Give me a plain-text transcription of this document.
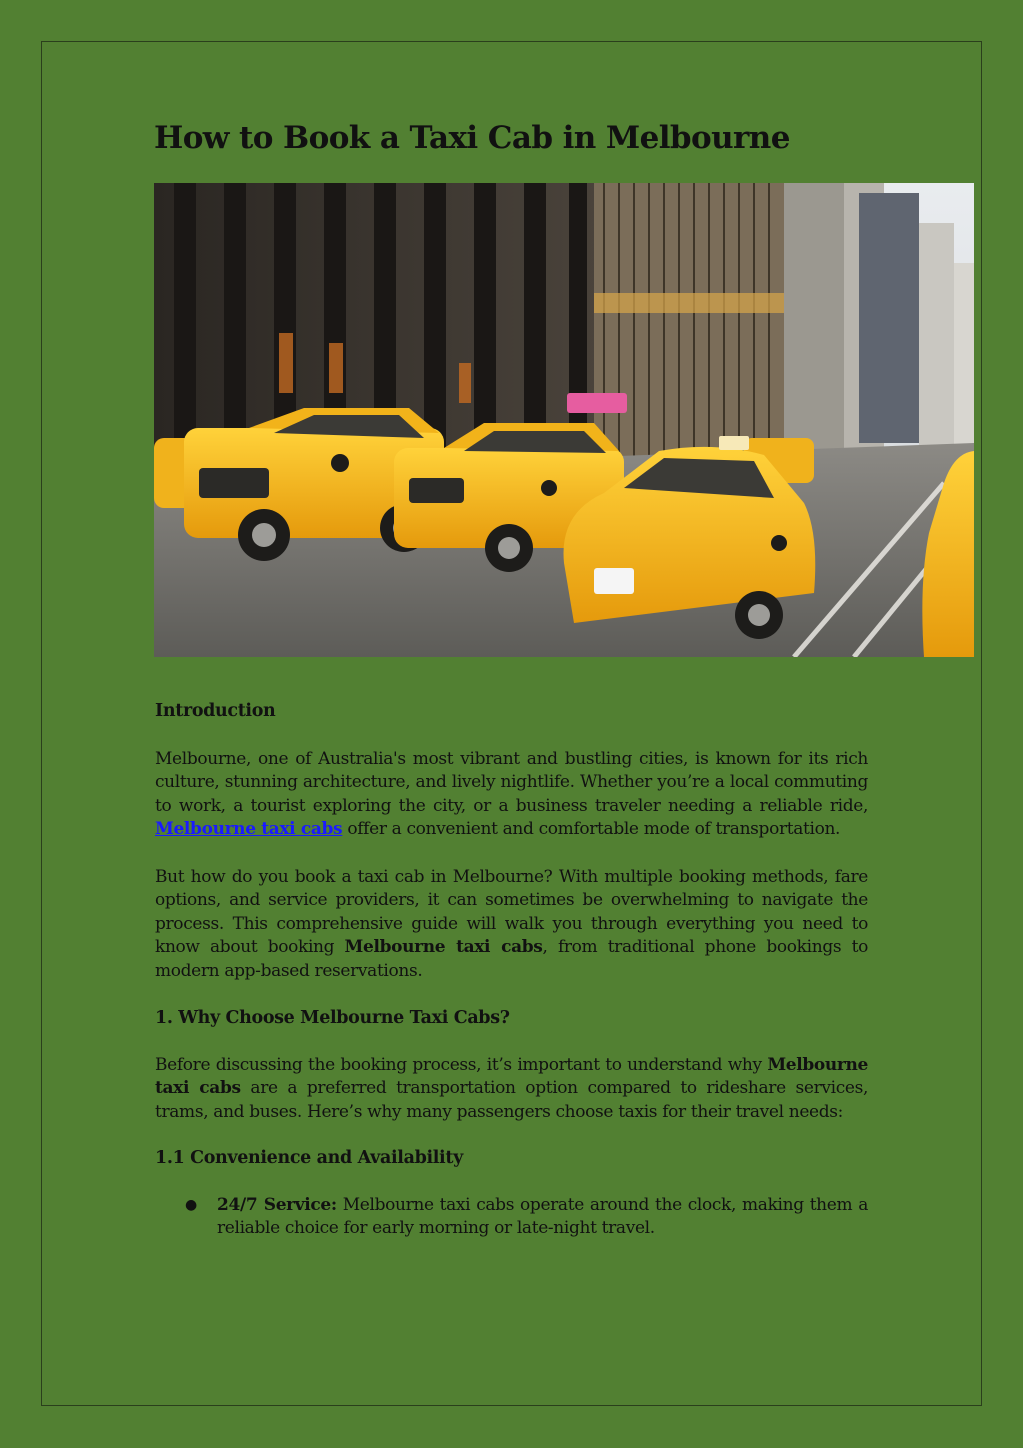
How to Book a Taxi Cab in Melbourne
Introduction

Melbourne, one of Australia's most vibrant and bustling cities, is known for its rich culture, stunning architecture, and lively nightlife. Whether you’re a local commuting to work, a tourist exploring the city, or a business traveler needing a reliable ride, Melbourne taxi cabs offer a convenient and comfortable mode of transportation.

But how do you book a taxi cab in Melbourne? With multiple booking methods, fare options, and service providers, it can sometimes be overwhelming to navigate the process. This comprehensive guide will walk you through everything you need to know about booking Melbourne taxi cabs, from traditional phone bookings to modern app-based reservations.

1. Why Choose Melbourne Taxi Cabs?

Before discussing the booking process, it’s important to understand why Melbourne taxi cabs are a preferred transportation option compared to rideshare services, trams, and buses. Here’s why many passengers choose taxis for their travel needs:

1.1 Convenience and Availability
●	24/7 Service: Melbourne taxi cabs operate around the clock, making them a reliable choice for early morning or late-night travel.
